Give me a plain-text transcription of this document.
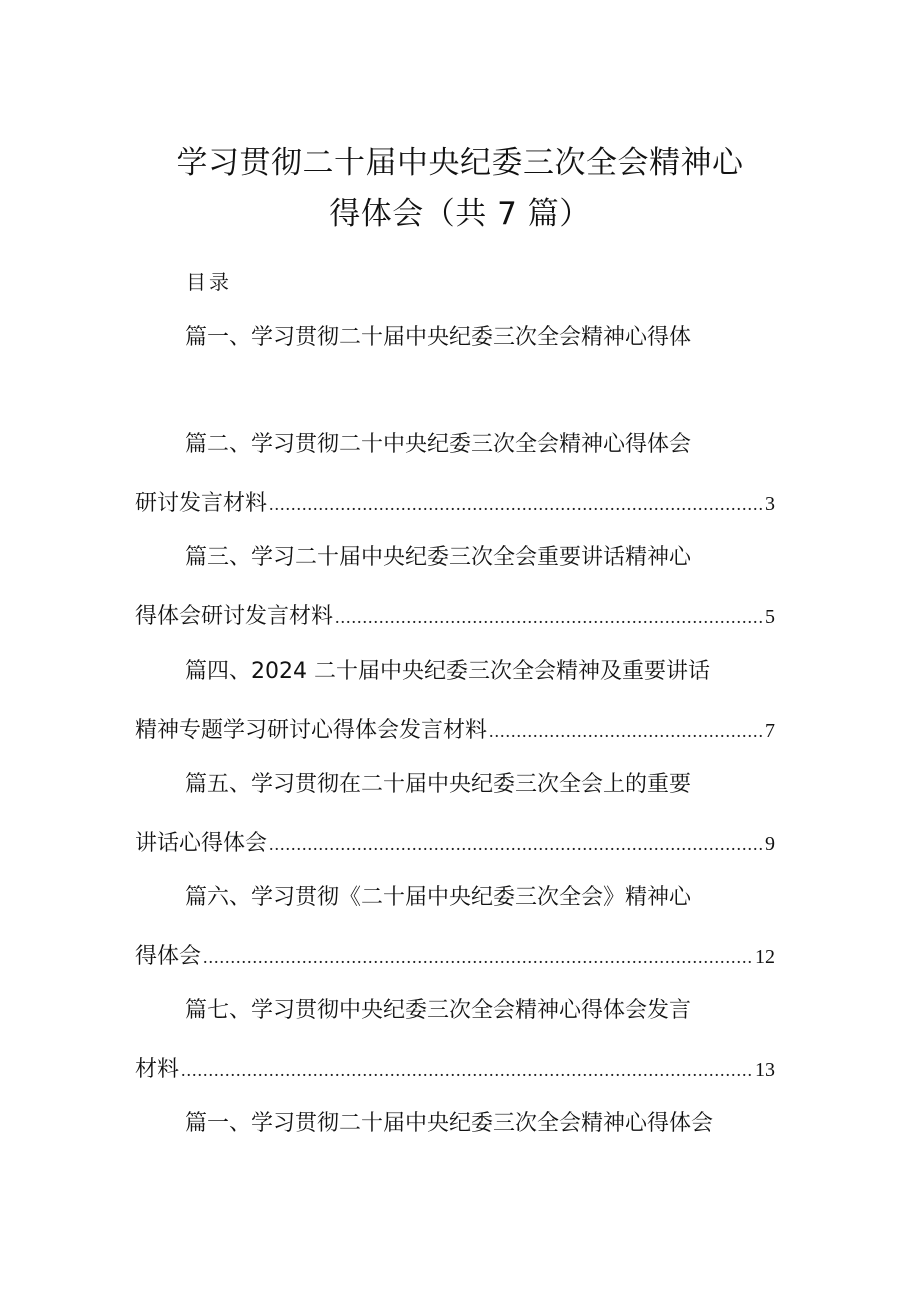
学习贯彻二十届中央纪委三次全会精神心
得体会（共 7 篇）
目录
篇一、学习贯彻二十届中央纪委三次全会精神心得体
篇二、学习贯彻二十中央纪委三次全会精神心得体会
研讨发言材料 .....	3
篇三、学习二十届中央纪委三次全会重要讲话精神心
得体会研讨发言材料 .....	5
篇四、2024 二十届中央纪委三次全会精神及重要讲话
精神专题学习研讨心得体会发言材料 .....	7
篇五、学习贯彻在二十届中央纪委三次全会上的重要
讲话心得体会 .....	9
篇六、学习贯彻《二十届中央纪委三次全会》精神心
得体会 .....	12
篇七、学习贯彻中央纪委三次全会精神心得体会发言
材料 .....	13
篇一、学习贯彻二十届中央纪委三次全会精神心得体会
